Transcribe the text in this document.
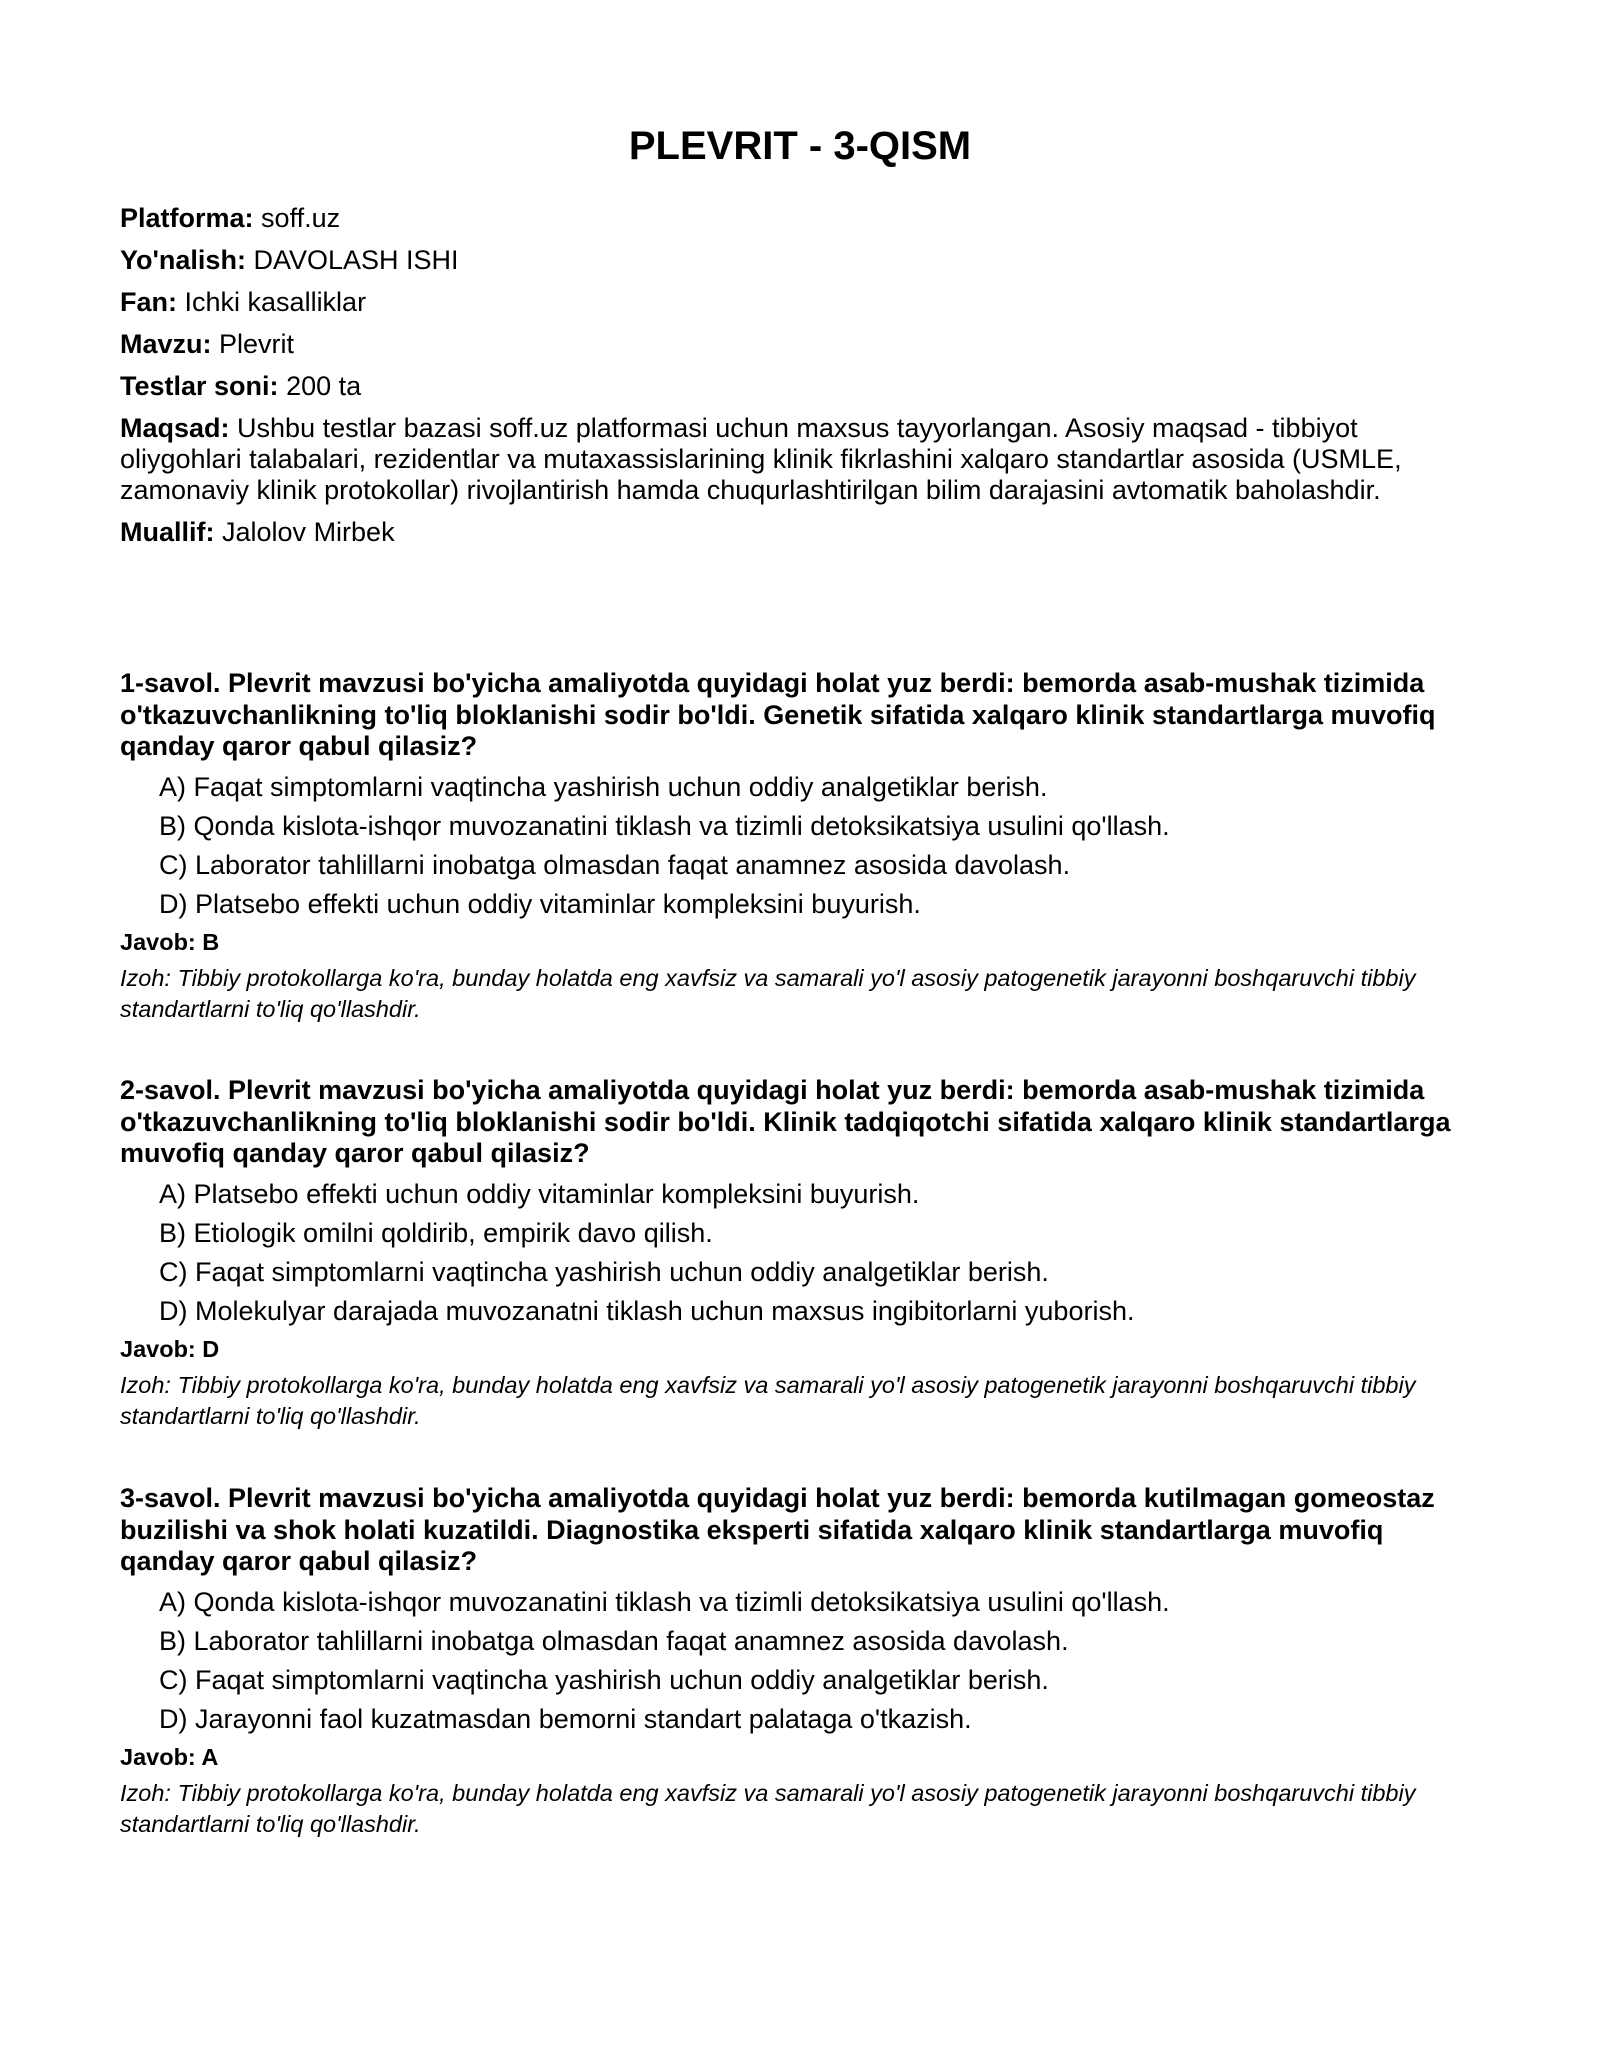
PLEVRIT - 3-QISM
Platforma: soff.uz
Yo'nalish: DAVOLASH ISHI
Fan: Ichki kasalliklar
Mavzu: Plevrit
Testlar soni: 200 ta
Maqsad: Ushbu testlar bazasi soff.uz platformasi uchun maxsus tayyorlangan. Asosiy maqsad - tibbiyot oliygohlari talabalari, rezidentlar va mutaxassislarining klinik fikrlashini xalqaro standartlar asosida (USMLE, zamonaviy klinik protokollar) rivojlantirish hamda chuqurlashtirilgan bilim darajasini avtomatik baholashdir.
Muallif: Jalolov Mirbek

1-savol. Plevrit mavzusi bo'yicha amaliyotda quyidagi holat yuz berdi: bemorda asab-mushak tizimida o'tkazuvchanlikning to'liq bloklanishi sodir bo'ldi. Genetik sifatida xalqaro klinik standartlarga muvofiq qanday qaror qabul qilasiz?

A) Faqat simptomlarni vaqtincha yashirish uchun oddiy analgetiklar berish.
B) Qonda kislota-ishqor muvozanatini tiklash va tizimli detoksikatsiya usulini qo'llash.
C) Laborator tahlillarni inobatga olmasdan faqat anamnez asosida davolash.
D) Platsebo effekti uchun oddiy vitaminlar kompleksini buyurish.
Javob: B
Izoh: Tibbiy protokollarga ko'ra, bunday holatda eng xavfsiz va samarali yo'l asosiy patogenetik jarayonni boshqaruvchi tibbiy standartlarni to'liq qo'llashdir.

2-savol. Plevrit mavzusi bo'yicha amaliyotda quyidagi holat yuz berdi: bemorda asab-mushak tizimida o'tkazuvchanlikning to'liq bloklanishi sodir bo'ldi. Klinik tadqiqotchi sifatida xalqaro klinik standartlarga muvofiq qanday qaror qabul qilasiz?

A) Platsebo effekti uchun oddiy vitaminlar kompleksini buyurish.
B) Etiologik omilni qoldirib, empirik davo qilish.
C) Faqat simptomlarni vaqtincha yashirish uchun oddiy analgetiklar berish.
D) Molekulyar darajada muvozanatni tiklash uchun maxsus ingibitorlarni yuborish.
Javob: D
Izoh: Tibbiy protokollarga ko'ra, bunday holatda eng xavfsiz va samarali yo'l asosiy patogenetik jarayonni boshqaruvchi tibbiy standartlarni to'liq qo'llashdir.

3-savol. Plevrit mavzusi bo'yicha amaliyotda quyidagi holat yuz berdi: bemorda kutilmagan gomeostaz buzilishi va shok holati kuzatildi. Diagnostika eksperti sifatida xalqaro klinik standartlarga muvofiq qanday qaror qabul qilasiz?

A) Qonda kislota-ishqor muvozanatini tiklash va tizimli detoksikatsiya usulini qo'llash.
B) Laborator tahlillarni inobatga olmasdan faqat anamnez asosida davolash.
C) Faqat simptomlarni vaqtincha yashirish uchun oddiy analgetiklar berish.
D) Jarayonni faol kuzatmasdan bemorni standart palataga o'tkazish.
Javob: A
Izoh: Tibbiy protokollarga ko'ra, bunday holatda eng xavfsiz va samarali yo'l asosiy patogenetik jarayonni boshqaruvchi tibbiy standartlarni to'liq qo'llashdir.
